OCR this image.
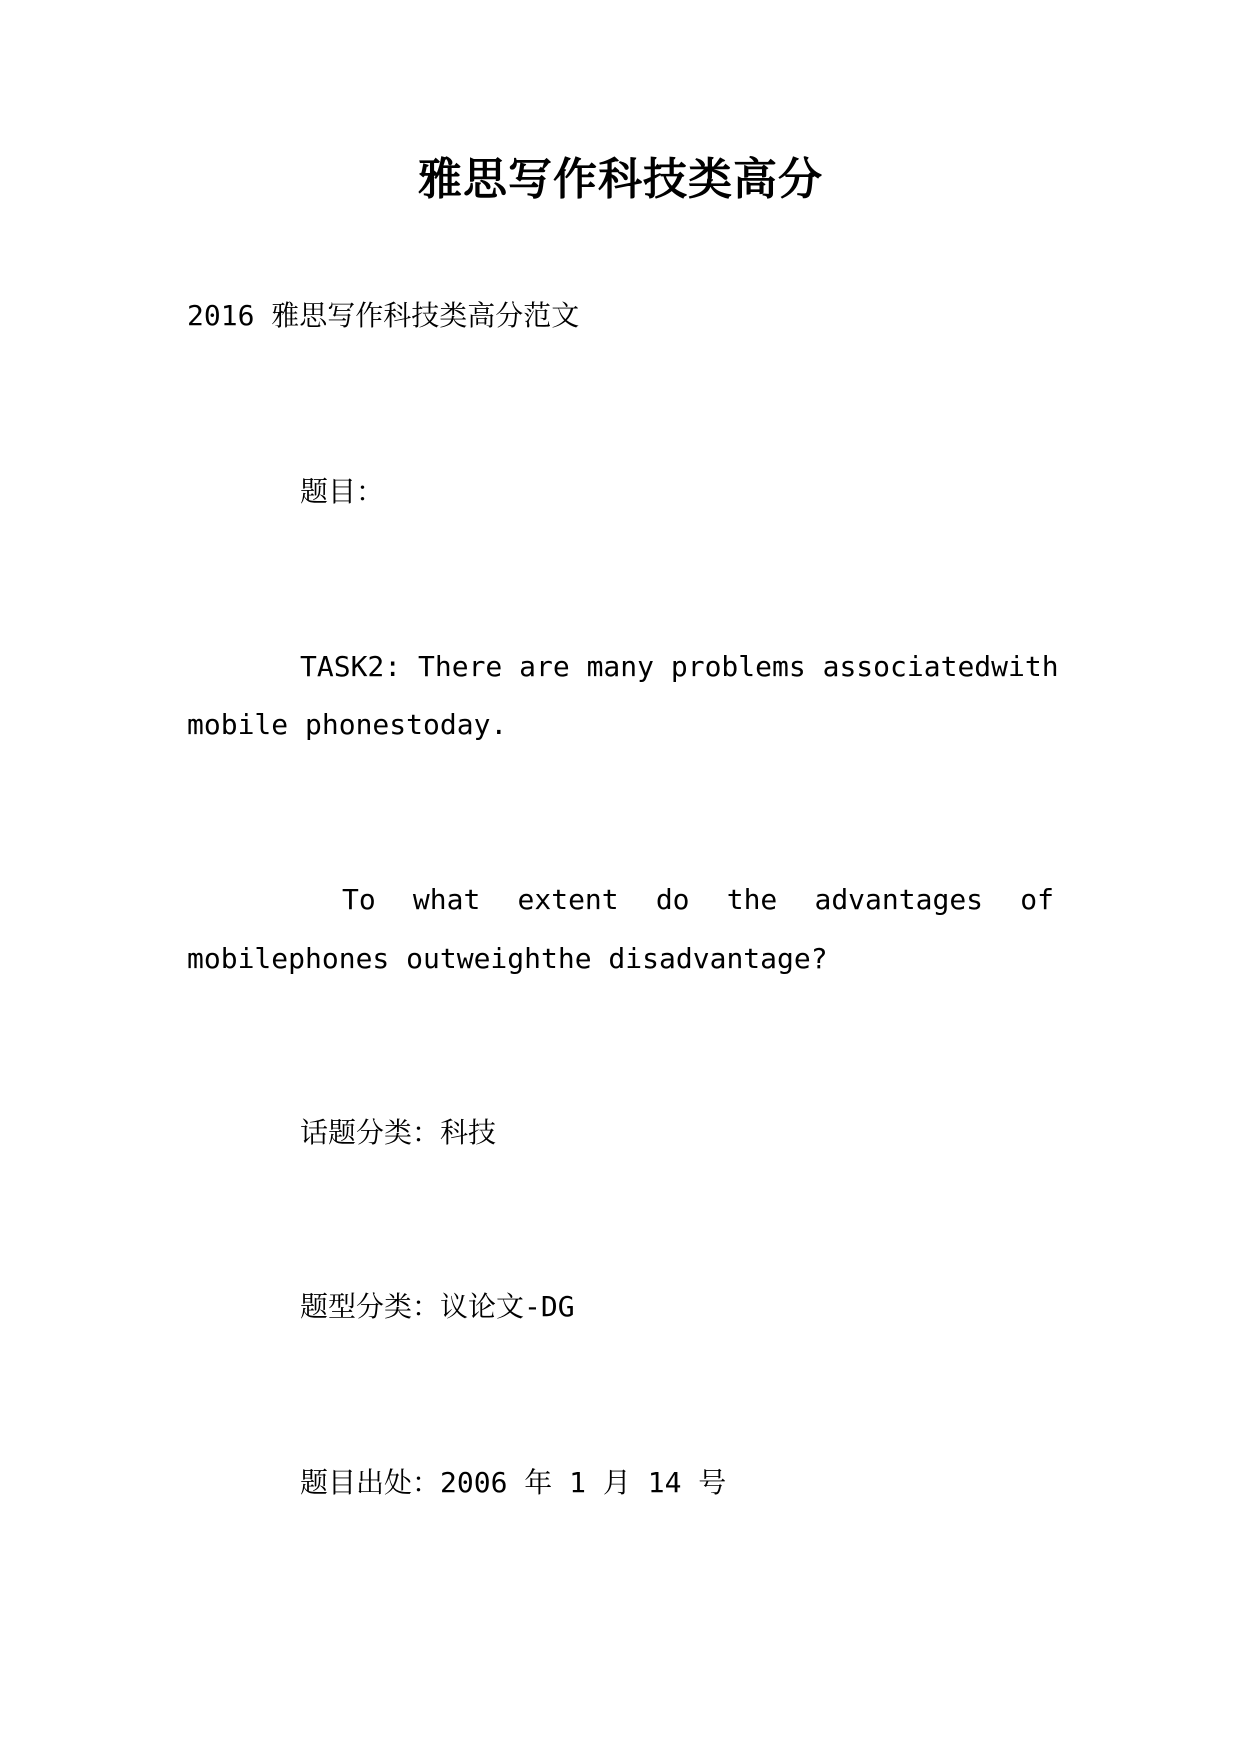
雅思写作科技类高分
2016 雅思写作科技类高分范文
题目：
TASK2: There are many problems associatedwith
mobile phonestoday.
To what extent do the advantages of
mobilephones outweighthe disadvantage?
话题分类：科技
题型分类：议论文-DG
题目出处：2006 年 1 月 14 号
